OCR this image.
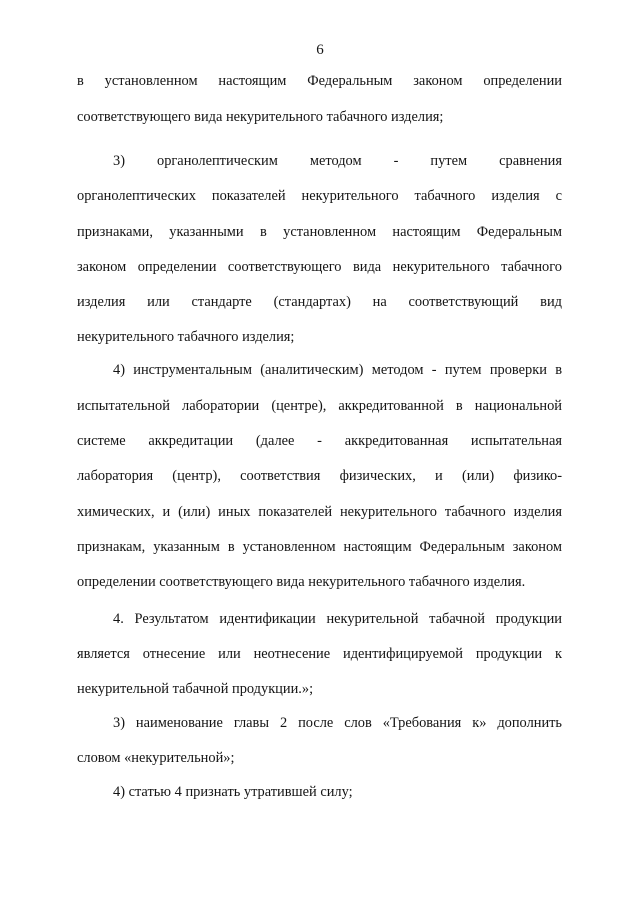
6
в установленном настоящим Федеральным законом определении
соответствующего вида некурительного табачного изделия;
3) органолептическим методом - путем сравнения
органолептических показателей некурительного табачного изделия с
признаками, указанными в установленном настоящим Федеральным
законом определении соответствующего вида некурительного табачного
изделия или стандарте (стандартах) на соответствующий вид
некурительного табачного изделия;
4) инструментальным (аналитическим) методом - путем проверки в
испытательной лаборатории (центре), аккредитованной в национальной
системе аккредитации (далее - аккредитованная испытательная
лаборатория (центр), соответствия физических, и (или) физико-
химических, и (или) иных показателей некурительного табачного изделия
признакам, указанным в установленном настоящим Федеральным законом
определении соответствующего вида некурительного табачного изделия.
4. Результатом идентификации некурительной табачной продукции
является отнесение или неотнесение идентифицируемой продукции к
некурительной табачной продукции.»;
3) наименование главы 2 после слов «Требования к» дополнить
словом «некурительной»;
4) статью 4 признать утратившей силу;
